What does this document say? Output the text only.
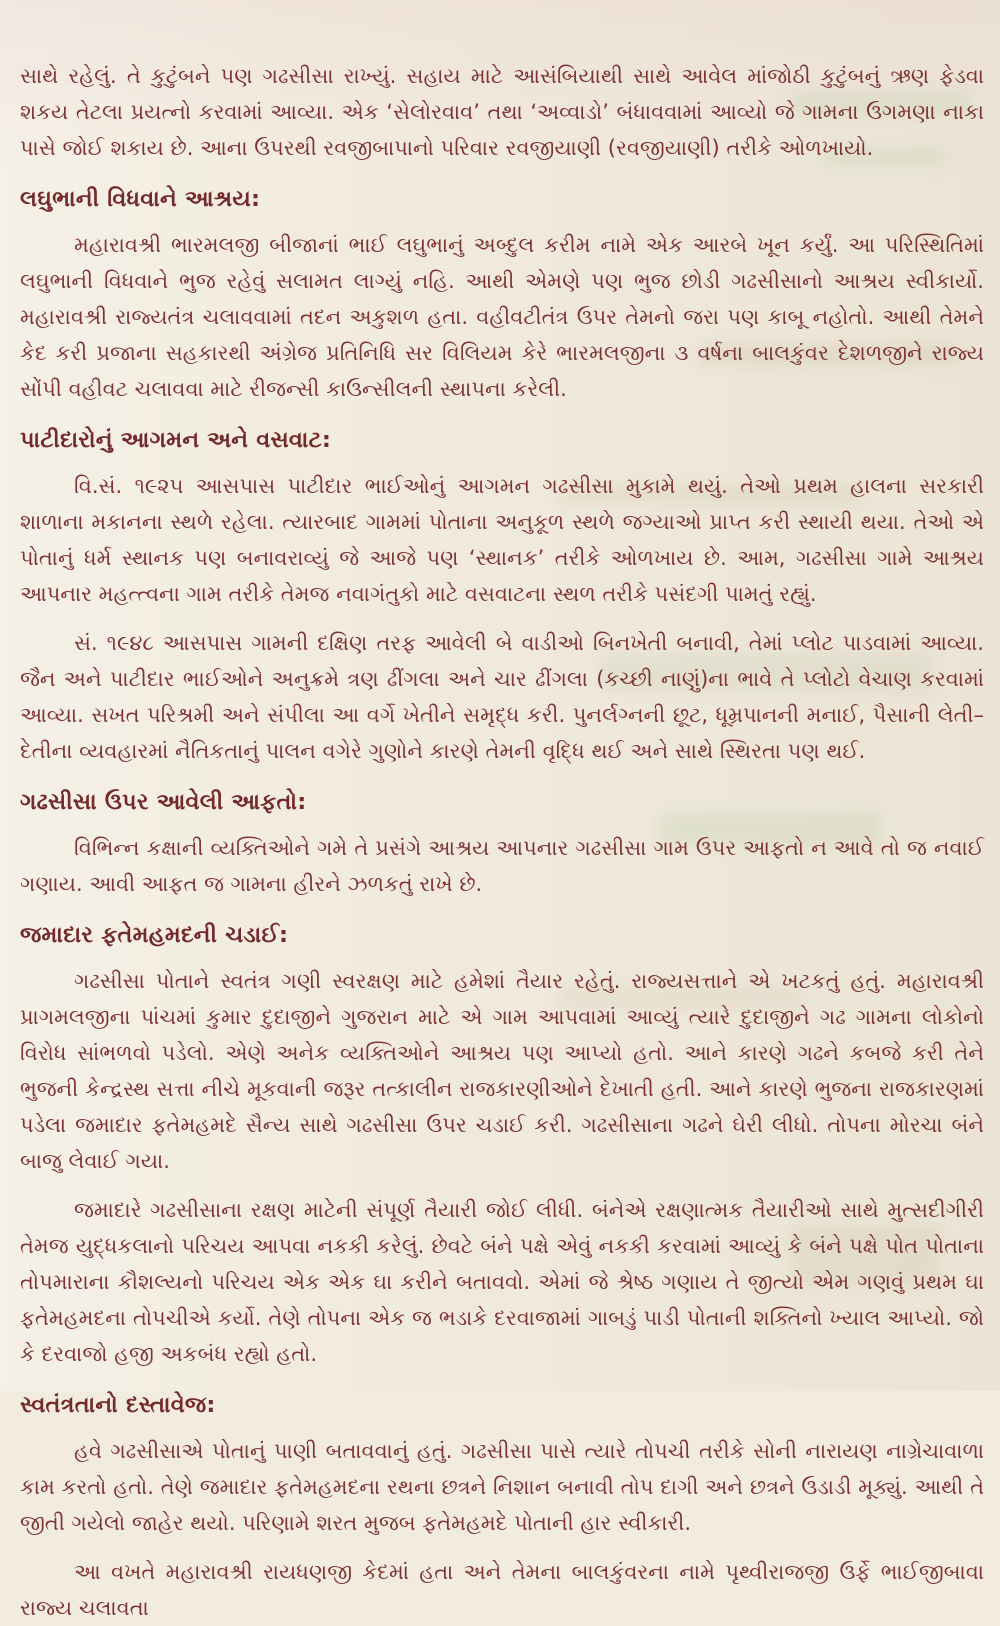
સાથે રહેલું. તે કુટુંબને પણ ગઢસીસા રાખ્યું. સહાય માટે આસંબિયાથી સાથે આવેલ માંજોઠી કુટુંબનું ઋણ ફેડવા શકય તેટલા પ્રયત્નો કરવામાં આવ્યા. એક ‘સેલોરવાવ’ તથા ‘અવ્વાડો’ બંધાવવામાં આવ્યો જે ગામના ઉગમણા નાકા પાસે જોઈ શકાય છે. આના ઉપરથી રવજીબાપાનો પરિવાર રવજીયાણી (રવજીયાણી) તરીકે ઓળખાયો.

લઘુભાની વિધવાને આશ્રય:

મહારાવશ્રી ભારમલજી બીજાનાં ભાઈ લઘુભાનું અબ્દુલ કરીમ નામે એક આરબે ખૂન કર્યું. આ પરિસ્થિતિમાં લઘુભાની વિધવાને ભુજ રહેવું સલામત લાગ્યું નહિ. આથી એમણે પણ ભુજ છોડી ગઢસીસાનો આશ્રય સ્વીકાર્યો. મહારાવશ્રી રાજ્યતંત્ર ચલાવવામાં તદન અકુશળ હતા. વહીવટીતંત્ર ઉપર તેમનો જરા પણ કાબૂ નહોતો. આથી તેમને કેદ કરી પ્રજાના સહકારથી અંગ્રેજ પ્રતિનિધિ સર વિલિયમ કેરે ભારમલજીના ૩ વર્ષના બાલકુંવર દેશળજીને રાજ્ય સોંપી વહીવટ ચલાવવા માટે રીજન્સી કાઉન્સીલની સ્થાપના કરેલી.

પાટીદારોનું આગમન અને વસવાટ:

વિ.સં. ૧૯૨૫ આસપાસ પાટીદાર ભાઈઓનું આગમન ગઢસીસા મુકામે થયું. તેઓ પ્રથમ હાલના સરકારી શાળાના મકાનના સ્થળે રહેલા. ત્યારબાદ ગામમાં પોતાના અનુકૂળ સ્થળે જગ્યાઓ પ્રાપ્ત કરી સ્થાયી થયા. તેઓ એ પોતાનું ધર્મ સ્થાનક પણ બનાવરાવ્યું જે આજે પણ ‘સ્થાનક’ તરીકે ઓળખાય છે. આમ, ગઢસીસા ગામે આશ્રય આપનાર મહત્ત્વના ગામ તરીકે તેમજ નવાગંતુકો માટે વસવાટના સ્થળ તરીકે પસંદગી પામતું રહ્યું.

સં. ૧૯૪૮ આસપાસ ગામની દક્ષિણ તરફ આવેલી બે વાડીઓ બિનખેતી બનાવી, તેમાં પ્લોટ પાડવામાં આવ્યા. જૈન અને પાટીદાર ભાઈઓને અનુક્રમે ત્રણ ઢીંગલા અને ચાર ઢીંગલા (કચ્છી નાણું)ના ભાવે તે પ્લોટો વેચાણ કરવામાં આવ્યા. સખત પરિશ્રમી અને સંપીલા આ વર્ગે ખેતીને સમૃદ્ધ કરી. પુનર્લગ્નની છૂટ, ધૂમ્રપાનની મનાઈ, પૈસાની લેતી–દેતીના વ્યવહારમાં નૈતિકતાનું પાલન વગેરે ગુણોને કારણે તેમની વૃદ્ધિ થઈ અને સાથે સ્થિરતા પણ થઈ.

ગઢસીસા ઉપર આવેલી આફતો:

વિભિન્ન કક્ષાની વ્યક્તિઓને ગમે તે પ્રસંગે આશ્રય આપનાર ગઢસીસા ગામ ઉપર આફતો ન આવે તો જ નવાઈ ગણાય. આવી આફત જ ગામના હીરને ઝળકતું રાખે છે.

જમાદાર ફતેમહમદની ચડાઈ:

ગઢસીસા પોતાને સ્વતંત્ર ગણી સ્વરક્ષણ માટે હમેશાં તૈયાર રહેતું. રાજ્યસત્તાને એ ખટકતું હતું. મહારાવશ્રી પ્રાગમલજીના પાંચમાં કુમાર દુદાજીને ગુજરાન માટે એ ગામ આપવામાં આવ્યું ત્યારે દુદાજીને ગઢ ગામના લોકોનો વિરોધ સાંભળવો પડેલો. એણે અનેક વ્યક્તિઓને આશ્રય પણ આપ્યો હતો. આને કારણે ગઢને કબજે કરી તેને ભુજની કેન્દ્રસ્થ સત્તા નીચે મૂકવાની જરૂર તત્કાલીન રાજકારણીઓને દેખાતી હતી. આને કારણે ભુજના રાજકારણમાં પડેલા જમાદાર ફતેમહમદે સૈન્ય સાથે ગઢસીસા ઉપર ચડાઈ કરી. ગઢસીસાના ગઢને ઘેરી લીધો. તોપના મોરચા બંને બાજુ લેવાઈ ગયા.

જમાદારે ગઢસીસાના રક્ષણ માટેની સંપૂર્ણ તૈયારી જોઈ લીધી. બંનેએ રક્ષણાત્મક તૈયારીઓ સાથે મુત્સદીગીરી તેમજ યુદ્ધકલાનો પરિચય આપવા નકકી કરેલું. છેવટે બંને પક્ષે એવું નકકી કરવામાં આવ્યું કે બંને પક્ષે પોત પોતાના તોપમારાના કૌશલ્યનો પરિચય એક એક ઘા કરીને બતાવવો. એમાં જે શ્રેષ્ઠ ગણાય તે જીત્યો એમ ગણવું પ્રથમ ઘા ફતેમહમદના તોપચીએ કર્યો. તેણે તોપના એક જ ભડાકે દરવાજામાં ગાબડું પાડી પોતાની શક્તિનો ખ્યાલ આપ્યો. જો કે દરવાજો હજી અકબંધ રહ્યો હતો.

સ્વતંત્રતાનો દસ્તાવેજ:

હવે ગઢસીસાએ પોતાનું પાણી બતાવવાનું હતું. ગઢસીસા પાસે ત્યારે તોપચી તરીકે સોની નારાયણ નાગ્રેચાવાળા કામ કરતો હતો. તેણે જમાદાર ફતેમહમદના રથના છત્રને નિશાન બનાવી તોપ દાગી અને છત્રને ઉડાડી મૂક્યું. આથી તે જીતી ગયેલો જાહેર થયો. પરિણામે શરત મુજબ ફતેમહમદે પોતાની હાર સ્વીકારી.

આ વખતે મહારાવશ્રી રાયધણજી કેદમાં હતા અને તેમના બાલકુંવરના નામે પૃથ્વીરાજજી ઉર્ફે ભાઈજીબાવા રાજ્ય ચલાવતા
